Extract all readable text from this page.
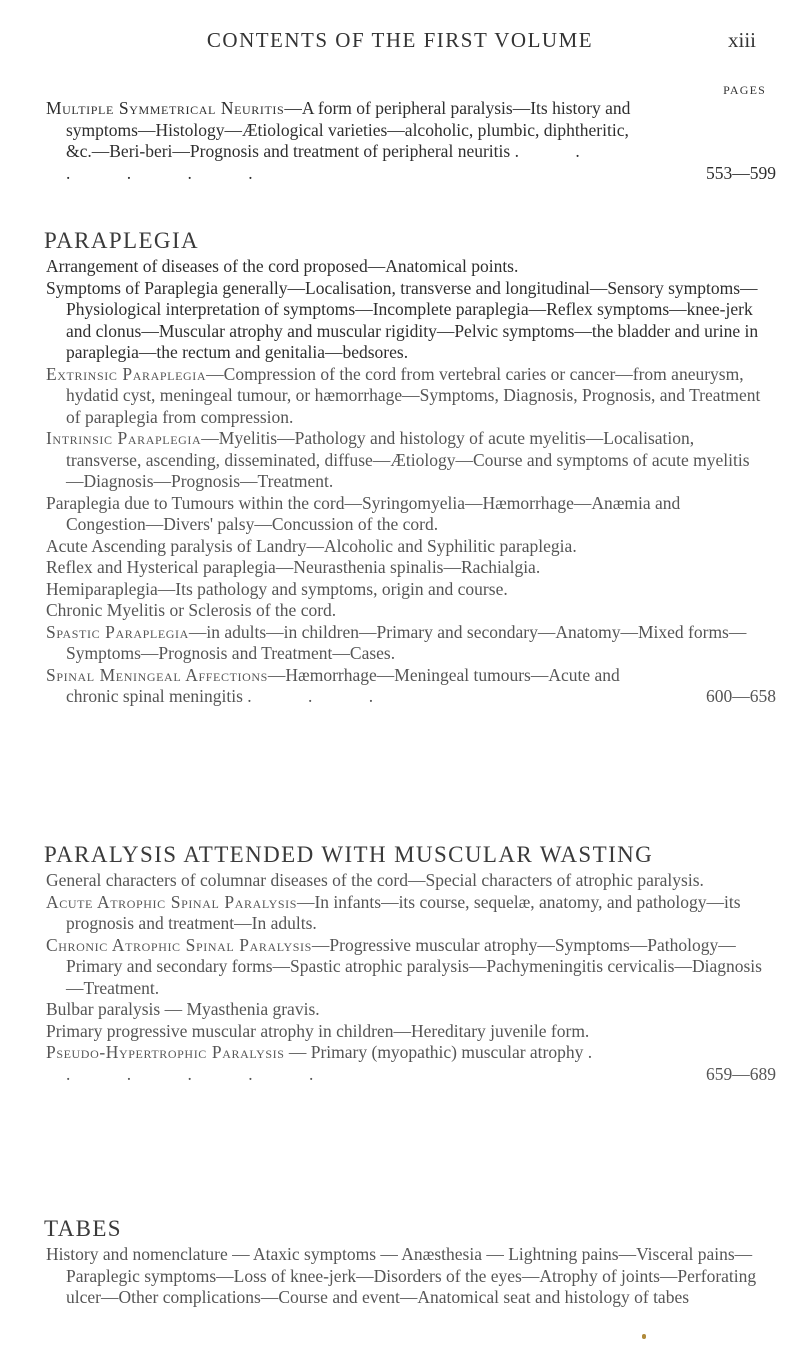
CONTENTS OF THE FIRST VOLUME	xiii
PAGES

Multiple Symmetrical Neuritis—A form of peripheral paralysis—Its history and symptoms—Histology—Ætiological varieties—alcoholic, plumbic, diphtheritic, &c.—Beri-beri—Prognosis and treatment of peripheral neuritis . . . . . .	553—599

PARAPLEGIA

Arrangement of diseases of the cord proposed—Anatomical points.

Symptoms of Paraplegia generally—Localisation, transverse and longitudinal—Sensory symptoms—Physiological interpretation of symptoms—Incomplete paraplegia—Reflex symptoms—knee-jerk and clonus—Muscular atrophy and muscular rigidity—Pelvic symptoms—the bladder and urine in paraplegia—the rectum and genitalia—bedsores.

Extrinsic Paraplegia—Compression of the cord from vertebral caries or cancer—from aneurysm, hydatid cyst, meningeal tumour, or hæmorrhage—Symptoms, Diagnosis, Prognosis, and Treatment of paraplegia from compression.

Intrinsic Paraplegia—Myelitis—Pathology and histology of acute myelitis—Localisation, transverse, ascending, disseminated, diffuse—Ætiology—Course and symptoms of acute myelitis—Diagnosis—Prognosis—Treatment.

Paraplegia due to Tumours within the cord—Syringomyelia—Hæmorrhage—Anæmia and Congestion—Divers' palsy—Concussion of the cord.

Acute Ascending paralysis of Landry—Alcoholic and Syphilitic paraplegia.

Reflex and Hysterical paraplegia—Neurasthenia spinalis—Rachialgia.

Hemiparaplegia—Its pathology and symptoms, origin and course.

Chronic Myelitis or Sclerosis of the cord.

Spastic Paraplegia—in adults—in children—Primary and secondary—Anatomy—Mixed forms—Symptoms—Prognosis and Treatment—Cases.

Spinal Meningeal Affections—Hæmorrhage—Meningeal tumours—Acute and chronic spinal meningitis . . .	600—658

PARALYSIS ATTENDED WITH MUSCULAR WASTING

General characters of columnar diseases of the cord—Special characters of atrophic paralysis.

Acute Atrophic Spinal Paralysis—In infants—its course, sequelæ, anatomy, and pathology—its prognosis and treatment—In adults.

Chronic Atrophic Spinal Paralysis—Progressive muscular atrophy—Symptoms—Pathology—Primary and secondary forms—Spastic atrophic paralysis—Pachymeningitis cervicalis—Diagnosis—Treatment.

Bulbar paralysis — Myasthenia gravis.

Primary progressive muscular atrophy in children—Hereditary juvenile form.

Pseudo-Hypertrophic Paralysis — Primary (myopathic) muscular atrophy . . . . . .	659—689

TABES

History and nomenclature — Ataxic symptoms — Anæsthesia — Lightning pains—Visceral pains—Paraplegic symptoms—Loss of knee-jerk—Disorders of the eyes—Atrophy of joints—Perforating ulcer—Other complications—Course and event—Anatomical seat and histology of tabes
